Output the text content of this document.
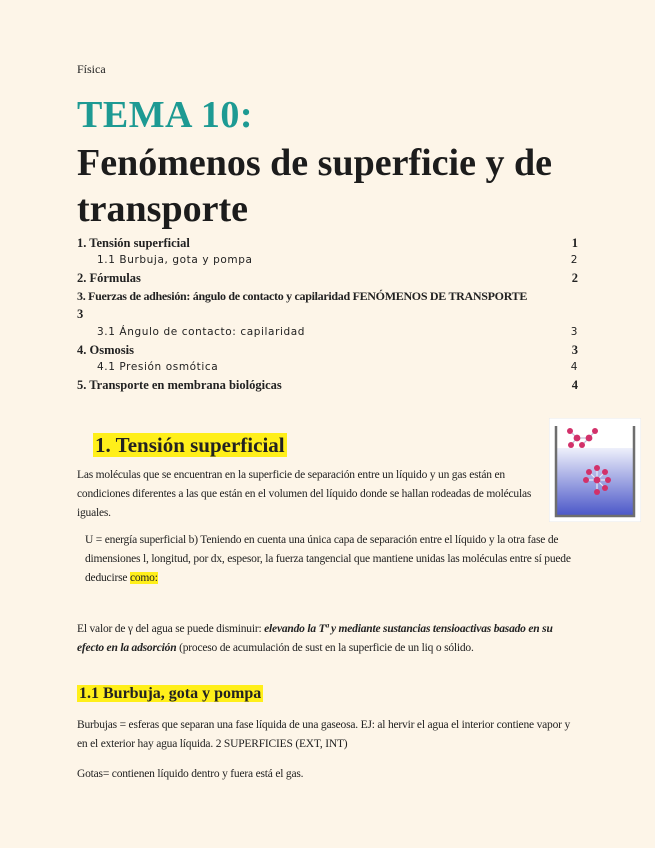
Física
TEMA 10:
Fenómenos de superficie y de transporte
1. Tensión superficial	1
1.1 Burbuja, gota y pompa	2
2. Fórmulas	2
3. Fuerzas de adhesión: ángulo de contacto y capilaridad FENÓMENOS DE TRANSPORTE
3
3.1 Ángulo de contacto: capilaridad	3
4. Osmosis	3
4.1 Presión osmótica	4
5. Transporte en membrana biológicas	4
1. Tensión superficial
Las moléculas que se encuentran en la superficie de separación entre un líquido y un gas están en condiciones diferentes a las que están en el volumen del líquido donde se hallan rodeadas de moléculas iguales.
U = energía superficial b) Teniendo en cuenta una única capa de separación entre el líquido y la otra fase de dimensiones l, longitud, por dx, espesor, la fuerza tangencial que mantiene unidas las moléculas entre sí puede deducirse como:
El valor de γ del agua se puede disminuir: elevando la Tª y mediante sustancias tensioactivas basado en su efecto en la adsorción (proceso de acumulación de sust en la superficie de un liq o sólido.
1.1 Burbuja, gota y pompa
Burbujas = esferas que separan una fase líquida de una gaseosa. EJ: al hervir el agua el interior contiene vapor y en el exterior hay agua líquida. 2 SUPERFICIES (EXT, INT)
Gotas= contienen líquido dentro y fuera está el gas.
